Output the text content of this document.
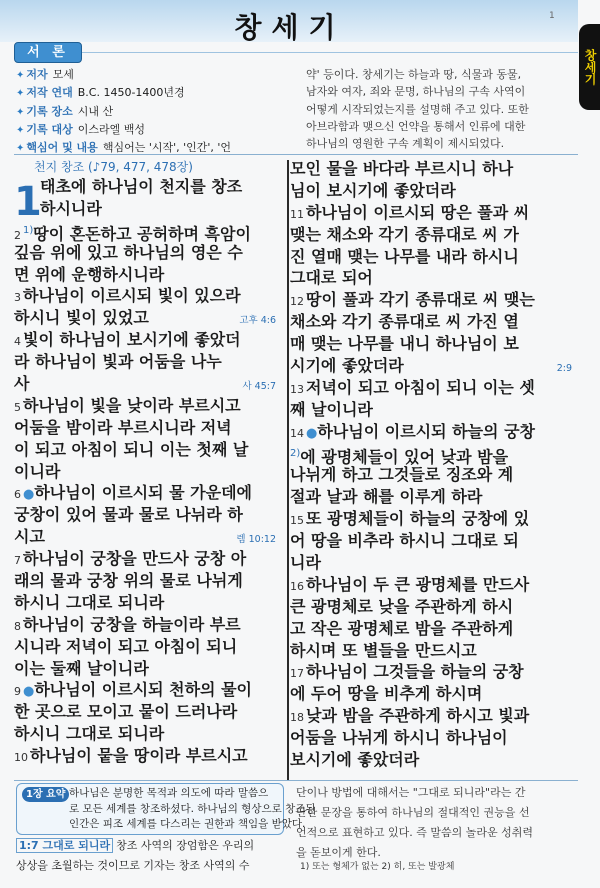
창세기	1
창세기
서 론
✦ 저자 모세
✦ 저작 연대 B.C. 1450-1400년경
✦ 기록 장소 시내 산
✦ 기록 대상 이스라엘 백성
✦ 핵심어 및 내용 핵심어는 '시작', '인간', '언
약' 등이다. 창세기는 하늘과 땅, 식물과 동물,
남자와 여자, 죄와 문명, 하나님의 구속 사역이
어떻게 시작되었는지를 설명해 주고 있다. 또한
아브라함과 맺으신 언약을 통해서 인류에 대한
하나님의 영원한 구속 계획이 제시되었다.
천지 창조 (♪79, 477, 478장)
1
태초에 하나님이 천지를 창조
하시니라
2 $^{1)}$땅이 혼돈하고 공허하며 흑암이
깊음 위에 있고 하나님의 영은 수
면 위에 운행하시니라
3 하나님이 이르시되 빛이 있으라
하시니 빛이 있었고	고후 4:6
4 빛이 하나님이 보시기에 좋았더
라 하나님이 빛과 어둠을 나누
사	사 45:7
5 하나님이 빛을 낮이라 부르시고
어둠을 밤이라 부르시니라 저녁
이 되고 아침이 되니 이는 첫째 날
이니라
6 ●하나님이 이르시되 물 가운데에
궁창이 있어 물과 물로 나뉘라 하
시고	렘 10:12
7 하나님이 궁창을 만드사 궁창 아
래의 물과 궁창 위의 물로 나뉘게
하시니 그대로 되니라
8 하나님이 궁창을 하늘이라 부르
시니라 저녁이 되고 아침이 되니
이는 둘째 날이니라
9 ●하나님이 이르시되 천하의 물이
한 곳으로 모이고 뭍이 드러나라
하시니 그대로 되니라
10 하나님이 뭍을 땅이라 부르시고
모인 물을 바다라 부르시니 하나
님이 보시기에 좋았더라
11 하나님이 이르시되 땅은 풀과 씨
맺는 채소와 각기 종류대로 씨 가
진 열매 맺는 나무를 내라 하시니
그대로 되어
12 땅이 풀과 각기 종류대로 씨 맺는
채소와 각기 종류대로 씨 가진 열
매 맺는 나무를 내니 하나님이 보
시기에 좋았더라	2:9
13 저녁이 되고 아침이 되니 이는 셋
째 날이니라
14 ●하나님이 이르시되 하늘의 궁창
$^{2)}$에 광명체들이 있어 낮과 밤을
나뉘게 하고 그것들로 징조와 계
절과 날과 해를 이루게 하라
15 또 광명체들이 하늘의 궁창에 있
어 땅을 비추라 하시니 그대로 되
니라
16 하나님이 두 큰 광명체를 만드사
큰 광명체로 낮을 주관하게 하시
고 작은 광명체로 밤을 주관하게
하시며 또 별들을 만드시고
17 하나님이 그것들을 하늘의 궁창
에 두어 땅을 비추게 하시며
18 낮과 밤을 주관하게 하시고 빛과
어둠을 나뉘게 하시니 하나님이
보시기에 좋았더라
1장 요약 하나님은 분명한 목적과 의도에 따라 말씀으
로 모든 세계를 창조하셨다. 하나님의 형상으로 창조된
인간은 피조 세계를 다스리는 권한과 책임을 받았다.
1:7 그대로 되니라 창조 사역의 장엄함은 우리의
상상을 초월하는 것이므로 기자는 창조 사역의 수
단이나 방법에 대해서는 "그대로 되니라"라는 간
단한 문장을 통하여 하나님의 절대적인 권능을 선
언적으로 표현하고 있다. 즉 말씀의 놀라운 성취력
을 돋보이게 한다.
1) 또는 형체가 없는 2) 히, 또는 발광체
